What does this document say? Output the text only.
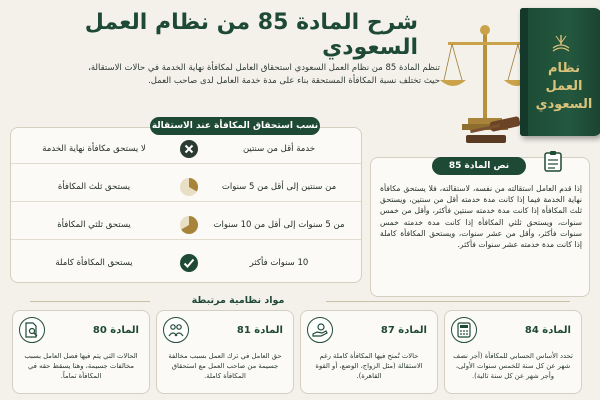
نظام العمل
السعودي
شرح المادة 85 من نظام العمل السعودي
تنظم المادة 85 من نظام العمل السعودي استحقاق العامل لمكافأة نهاية الخدمة في حالات الاستقالة،
حيث تختلف نسبة المكافأة المستحقة بناء على مدة خدمة العامل لدى صاحب العمل.
خدمة أقل من سنتين
لا يستحق مكافأة نهاية الخدمة
من سنتين إلى أقل من 5 سنوات
يستحق ثلث المكافأة
من 5 سنوات إلى أقل من 10 سنوات
يستحق ثلثي المكافأة
10 سنوات فأكثر
يستحق المكافأة كاملة
نسب استحقاق المكافأة عند الاستقالة
نص المادة 85
إذا قدم العامل استقالته من نفسه، لاستقالته، فلا يستحق مكافأة نهاية الخدمة فيما إذا كانت مدة خدمته أقل من سنتين، ويستحق ثلث المكافأة إذا كانت مدة خدمته سنتين فأكثر، وأقل من خمس سنوات، ويستحق ثلثي المكافأة إذا كانت مدة خدمته خمس سنوات فأكثر، وأقل من عشر سنوات، ويستحق المكافأة كاملة إذا كانت مدة خدمته عشر سنوات فأكثر.
مواد نظامية مرتبطة
المادة 84
تحدد الأساس الحسابي للمكافأة (أجر نصف شهر عن كل سنة للخمس سنوات الأولى، وأجر شهر عن كل سنة تالية).
المادة 87
حالات تُمنح فيها المكافأة كاملة رغم الاستقالة (مثل الزواج، الوضع، أو القوة القاهرة).
المادة 81
حق العامل في ترك العمل بسبب مخالفة جسيمة من صاحب العمل مع استحقاق المكافأة كاملة.
المادة 80
الحالات التي يتم فيها فصل العامل بسبب مخالفات جسيمة، وهنا يسقط حقه في المكافأة تماماً.
